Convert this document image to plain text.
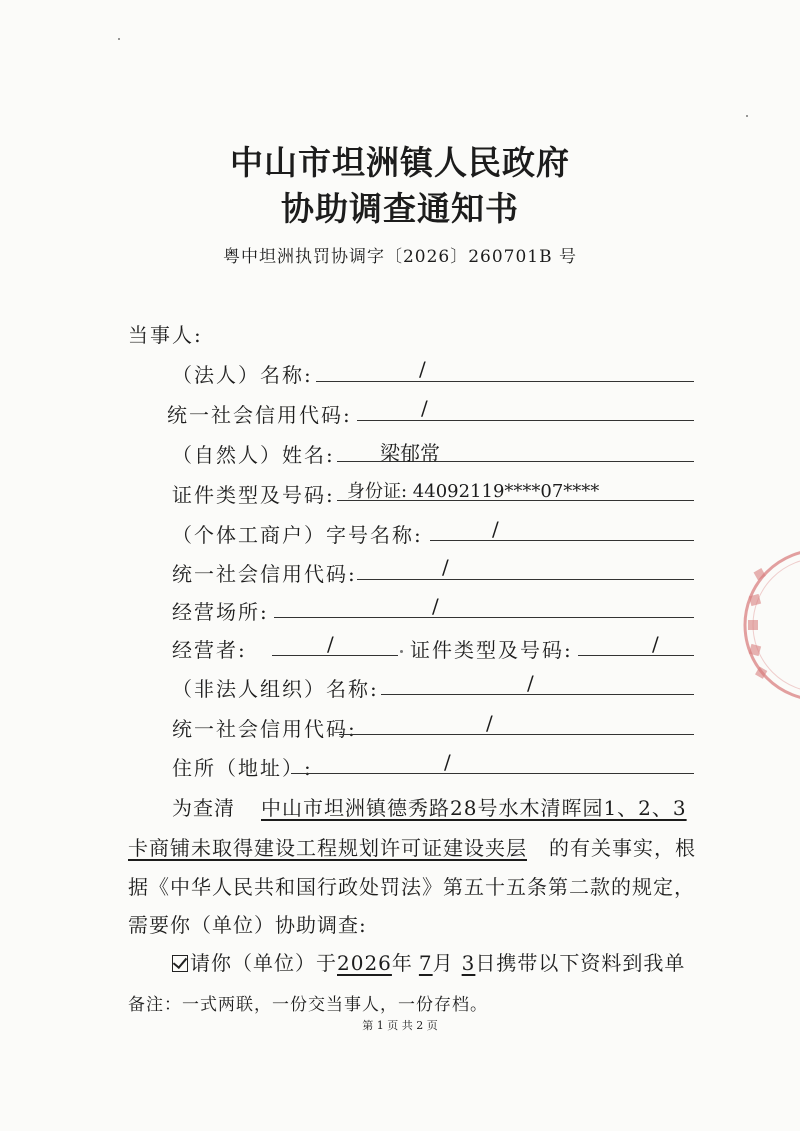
中山市坦洲镇人民政府
协助调查通知书
粤中坦洲执罚协调字〔2026〕260701B 号
当事人:
（法人）名称:	/
统一社会信用代码:	/
（自然人）姓名: 梁郁常
证件类型及号码: 身份证: 44092119****07****
（个体工商户）字号名称:	/
统一社会信用代码:	/
经营场所:	/
经营者:	/	证件类型及号码:	/
（非法人组织）名称:	/
统一社会信用代码:	/
住所（地址）:	/
为查清 中山市坦洲镇德秀路28号水木清晖园1、2、3
卡商铺未取得建设工程规划许可证建设夹层 的有关事实，根
据《中华人民共和国行政处罚法》第五十五条第二款的规定，
需要你（单位）协助调查:
请你（单位）于2026年 7月 3日携带以下资料到我单
备注：一式两联，一份交当事人，一份存档。
第 1 页 共 2 页
